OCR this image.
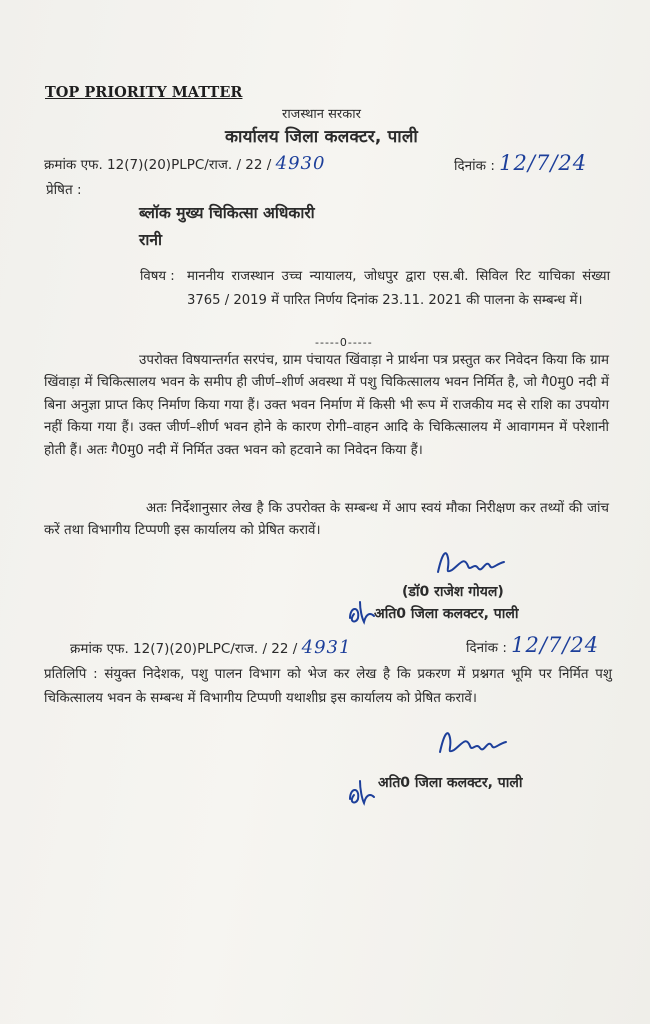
TOP PRIORITY MATTER
राजस्थान सरकार
कार्यालय जिला कलक्टर, पाली
क्रमांक एफ. 12(7)(20)PLPC/राज. / 22 / 4930	दिनांक : 12/7/24
प्रेषित :
ब्लॉक मुख्य चिकित्सा अधिकारी
रानी
विषय : माननीय राजस्थान उच्च न्यायालय, जोधपुर द्वारा एस.बी. सिविल रिट याचिका संख्या 3765 / 2019 में पारित निर्णय दिनांक 23.11. 2021 की पालना के सम्बन्ध में।
-----0-----
उपरोक्त विषयान्तर्गत सरपंच, ग्राम पंचायत खिंवाड़ा ने प्रार्थना पत्र प्रस्तुत कर निवेदन किया कि ग्राम खिंवाड़ा में चिकित्सालय भवन के समीप ही जीर्ण–शीर्ण अवस्था में पशु चिकित्सालय भवन निर्मित है, जो गै0मु0 नदी में बिना अनुज्ञा प्राप्त किए निर्माण किया गया हैं। उक्त भवन निर्माण में किसी भी रूप में राजकीय मद से राशि का उपयोग नहीं किया गया हैं। उक्त जीर्ण–शीर्ण भवन होने के कारण रोगी–वाहन आदि के चिकित्सालय में आवागमन में परेशानी होती हैं। अतः गै0मु0 नदी में निर्मित उक्त भवन को हटवाने का निवेदन किया हैं।
अतः निर्देशानुसार लेख है कि उपरोक्त के सम्बन्ध में आप स्वयं मौका निरीक्षण कर तथ्यों की जांच करें तथा विभागीय टिप्पणी इस कार्यालय को प्रेषित करावें।
(डॉ0 राजेश गोयल)
अति0 जिला कलक्टर, पाली
क्रमांक एफ. 12(7)(20)PLPC/राज. / 22 / 4931	दिनांक : 12/7/24
प्रतिलिपि : संयुक्त निदेशक, पशु पालन विभाग को भेज कर लेख है कि प्रकरण में प्रश्नगत भूमि पर निर्मित पशु चिकित्सालय भवन के सम्बन्ध में विभागीय टिप्पणी यथाशीघ्र इस कार्यालय को प्रेषित करावें।
अति0 जिला कलक्टर, पाली
